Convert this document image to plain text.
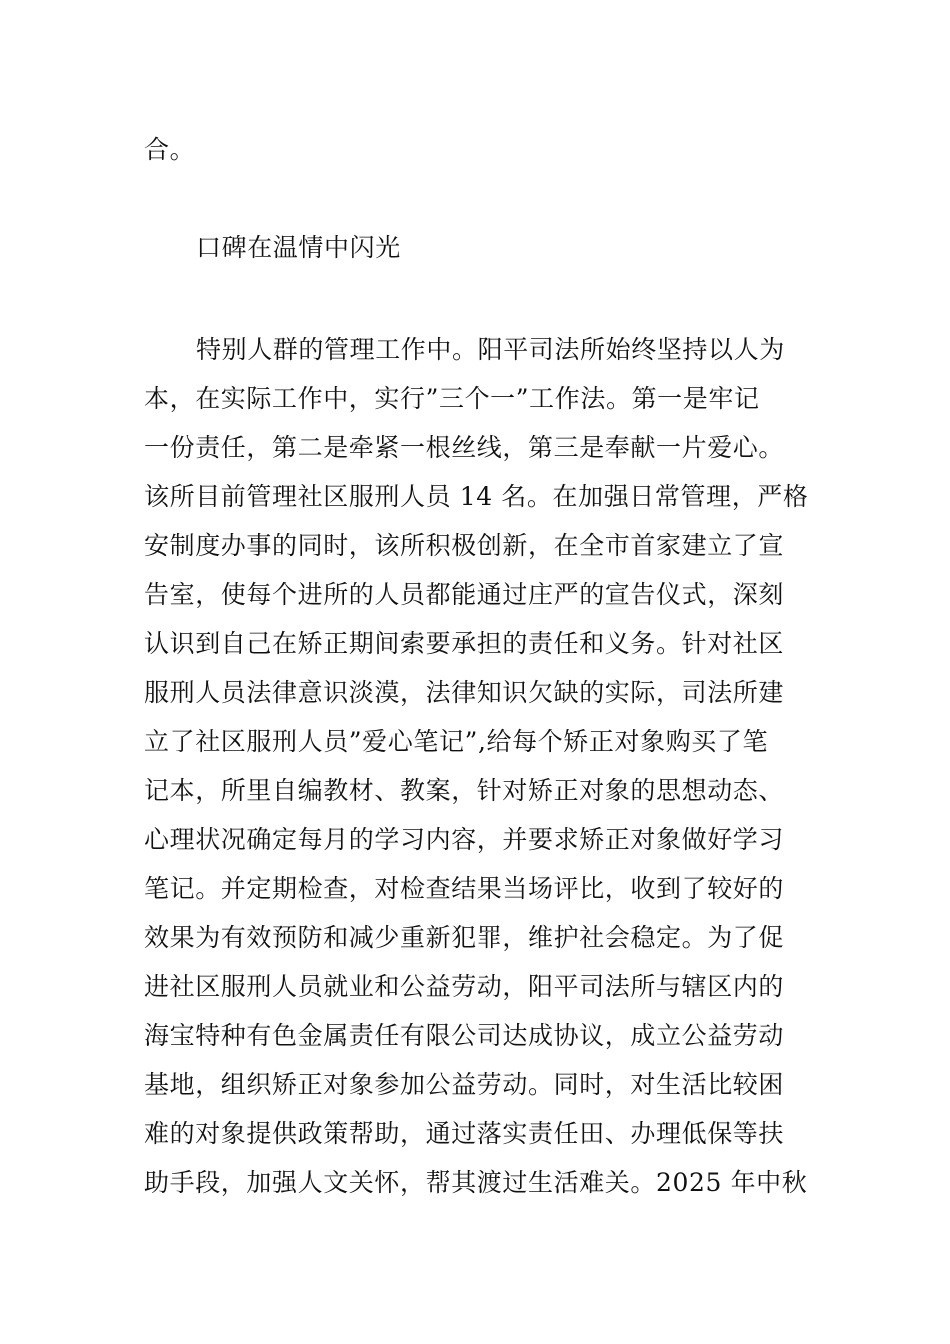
合。
口碑在温情中闪光
特别人群的管理工作中。阳平司法所始终坚持以人为
本，在实际工作中，实行”三个一”工作法。第一是牢记
一份责任，第二是牵紧一根丝线，第三是奉献一片爱心。
该所目前管理社区服刑人员 14 名。在加强日常管理，严格
安制度办事的同时，该所积极创新，在全市首家建立了宣
告室，使每个进所的人员都能通过庄严的宣告仪式，深刻
认识到自己在矫正期间索要承担的责任和义务。针对社区
服刑人员法律意识淡漠，法律知识欠缺的实际，司法所建
立了社区服刑人员”爱心笔记”,给每个矫正对象购买了笔
记本，所里自编教材、教案，针对矫正对象的思想动态、
心理状况确定每月的学习内容，并要求矫正对象做好学习
笔记。并定期检查，对检查结果当场评比，收到了较好的
效果为有效预防和减少重新犯罪，维护社会稳定。为了促
进社区服刑人员就业和公益劳动，阳平司法所与辖区内的
海宝特种有色金属责任有限公司达成协议，成立公益劳动
基地，组织矫正对象参加公益劳动。同时，对生活比较困
难的对象提供政策帮助，通过落实责任田、办理低保等扶
助手段，加强人文关怀，帮其渡过生活难关。2025 年中秋
